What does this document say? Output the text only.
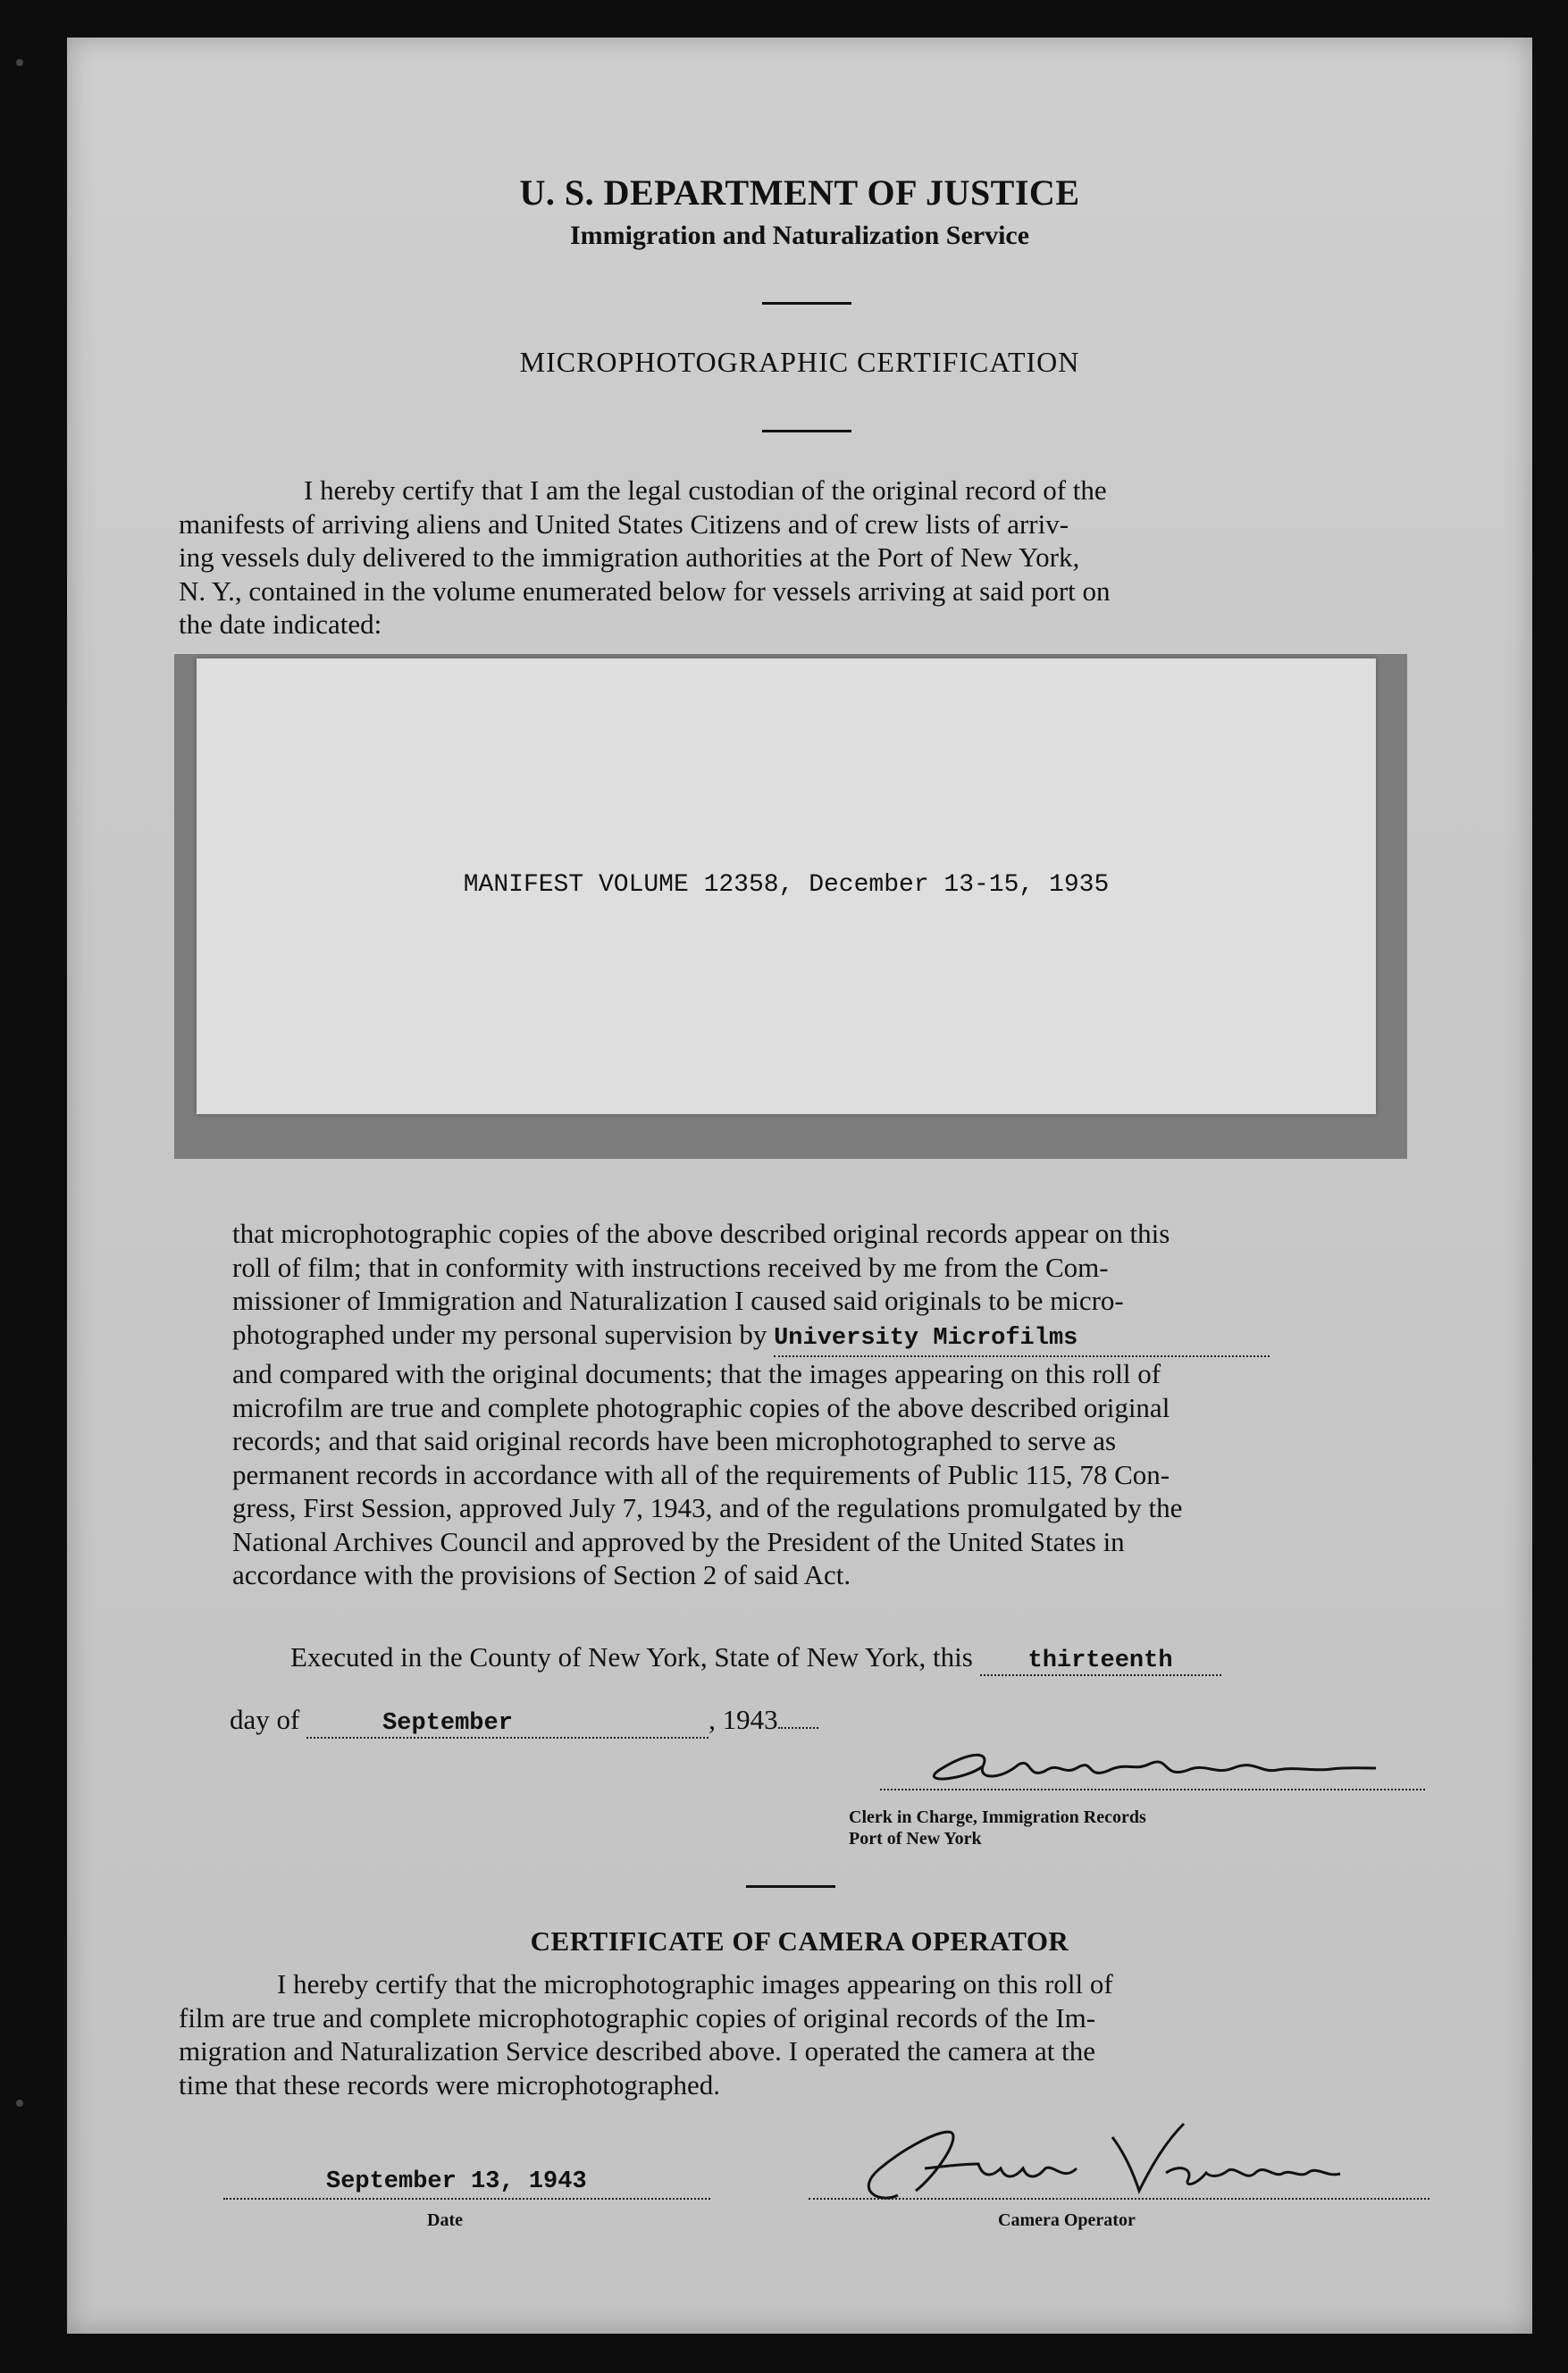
U. S. DEPARTMENT OF JUSTICE
Immigration and Naturalization Service
MICROPHOTOGRAPHIC CERTIFICATION
I hereby certify that I am the legal custodian of the original record of the
manifests of arriving aliens and United States Citizens and of crew lists of arriv-
ing vessels duly delivered to the immigration authorities at the Port of New York,
N. Y., contained in the volume enumerated below for vessels arriving at said port on
the date indicated:
MANIFEST VOLUME 12358, December 13-15, 1935
that microphotographic copies of the above described original records appear on this
roll of film; that in conformity with instructions received by me from the Com-
missioner of Immigration and Naturalization I caused said originals to be micro-
photographed under my personal supervision by University Microfilms
and compared with the original documents; that the images appearing on this roll of
microfilm are true and complete photographic copies of the above described original
records; and that said original records have been microphotographed to serve as
permanent records in accordance with all of the requirements of Public 115, 78 Con-
gress, First Session, approved July 7, 1943, and of the regulations promulgated by the
National Archives Council and approved by the President of the United States in
accordance with the provisions of Section 2 of said Act.
Executed in the County of New York, State of New York, this thirteenth
day of	September	, 1943
Clerk in Charge, Immigration Records
Port of New York
CERTIFICATE OF CAMERA OPERATOR
I hereby certify that the microphotographic images appearing on this roll of
film are true and complete microphotographic copies of original records of the Im-
migration and Naturalization Service described above. I operated the camera at the
time that these records were microphotographed.
September 13, 1943
Date	Camera Operator
